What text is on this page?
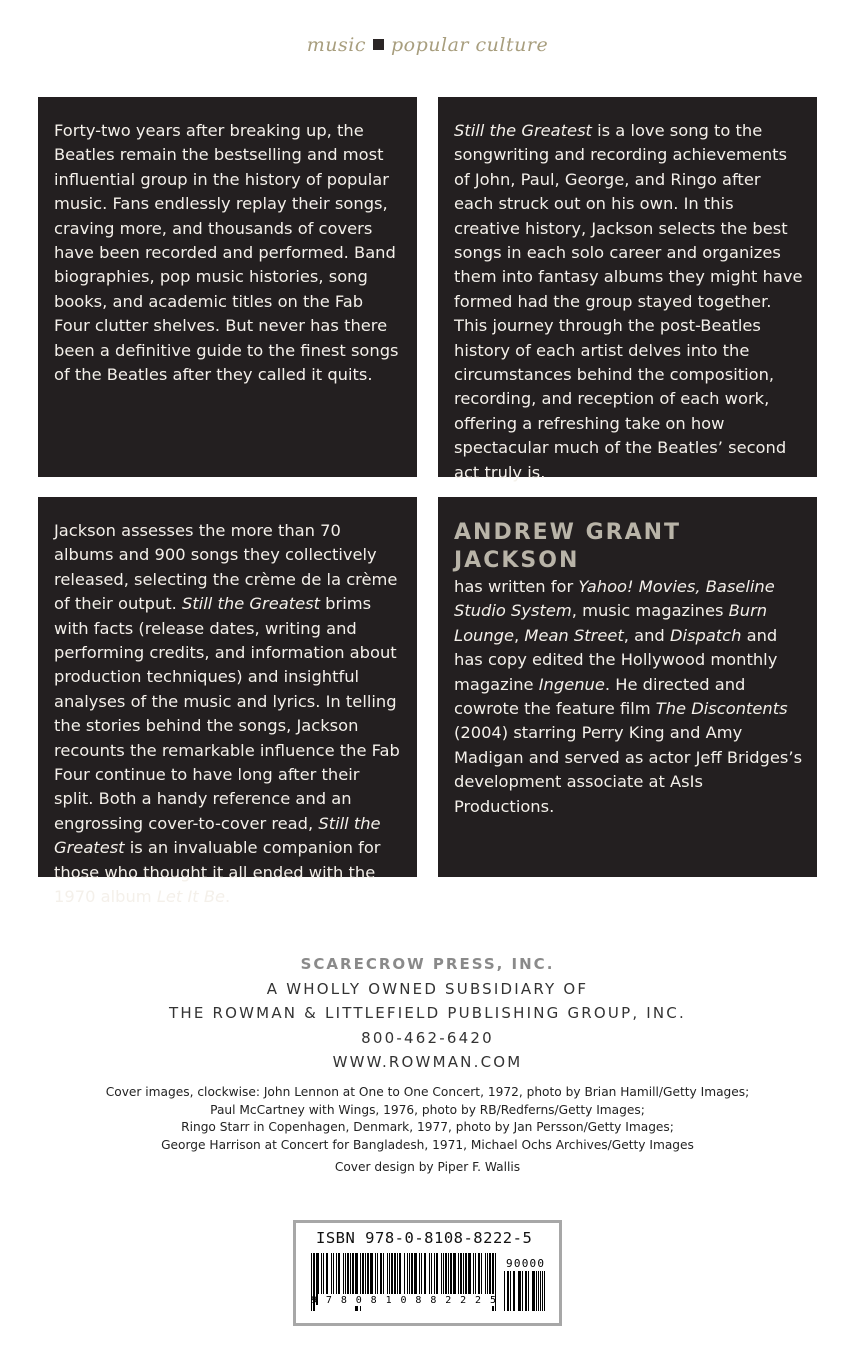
music popular culture

Forty-two years after breaking up, the Beatles remain the bestselling and most influential group in the history of popular music. Fans endlessly replay their songs, craving more, and thousands of covers have been recorded and performed. Band biographies, pop music histories, song books, and academic titles on the Fab Four clutter shelves. But never has there been a definitive guide to the finest songs of the Beatles after they called it quits.

Still the Greatest is a love song to the songwriting and recording achievements of John, Paul, George, and Ringo after each struck out on his own. In this creative history, Jackson selects the best songs in each solo career and organizes them into fantasy albums they might have formed had the group stayed together. This journey through the post-Beatles history of each artist delves into the circumstances behind the composition, recording, and reception of each work, offering a refreshing take on how spectacular much of the Beatles’ second act truly is.

Jackson assesses the more than 70 albums and 900 songs they collectively released, selecting the crème de la crème of their output. Still the Greatest brims with facts (release dates, writing and performing credits, and information about production techniques) and insightful analyses of the music and lyrics. In telling the stories behind the songs, Jackson recounts the remarkable influence the Fab Four continue to have long after their split. Both a handy reference and an engrossing cover-to-cover read, Still the Greatest is an invaluable companion for those who thought it all ended with the 1970 album Let It Be.

ANDREW GRANT JACKSON

has written for Yahoo! Movies, Baseline Studio System, music magazines Burn Lounge, Mean Street, and Dispatch and has copy edited the Hollywood monthly magazine Ingenue. He directed and cowrote the feature film The Discontents (2004) starring Perry King and Amy Madigan and served as actor Jeff Bridges’s development associate at AsIs Productions.

SCARECROW PRESS, INC.
A WHOLLY OWNED SUBSIDIARY OF
THE ROWMAN & LITTLEFIELD PUBLISHING GROUP, INC.
800-462-6420
WWW.ROWMAN.COM
Cover images, clockwise: John Lennon at One to One Concert, 1972, photo by Brian Hamill/Getty Images;
Paul McCartney with Wings, 1976, photo by RB/Redferns/Getty Images;
Ringo Starr in Copenhagen, Denmark, 1977, photo by Jan Persson/Getty Images;
George Harrison at Concert for Bangladesh, 1971, Michael Ochs Archives/Getty Images
Cover design by Piper F. Wallis
ISBN 978-0-8108-8222-5
9780810882225
90000
